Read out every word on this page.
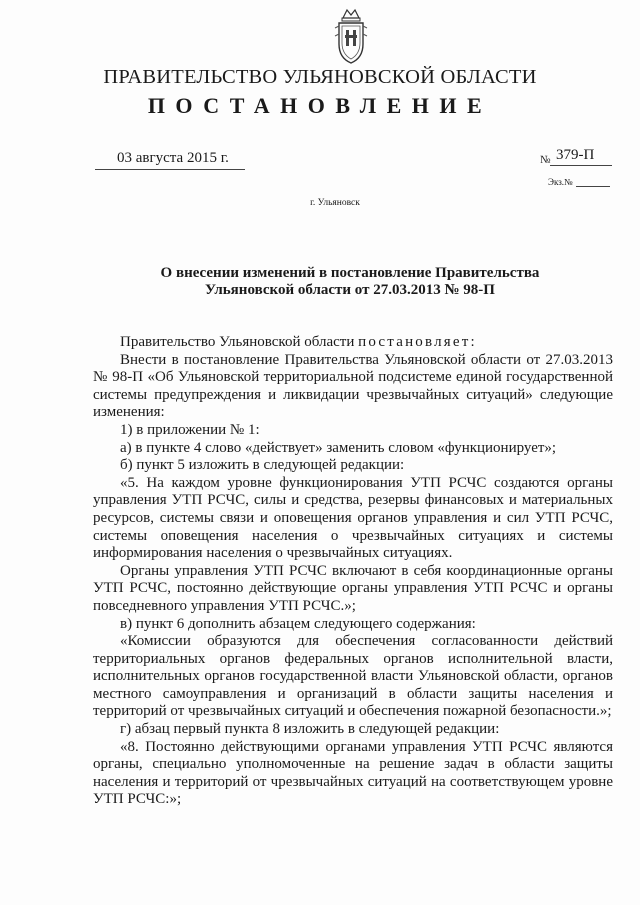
ПРАВИТЕЛЬСТВО УЛЬЯНОВСКОЙ ОБЛАСТИ
ПОСТАНОВЛЕНИЕ
03 августа 2015 г.	№ 379-П
Экз.№
г. Ульяновск
О внесении изменений в постановление Правительства
Ульяновской области от 27.03.2013 № 98-П

Правительство Ульяновской области постановляет:

Внести в постановление Правительства Ульяновской области от 27.03.2013 № 98-П «Об Ульяновской территориальной подсистеме единой государственной системы предупреждения и ликвидации чрезвычайных ситуаций» следующие изменения:

1) в приложении № 1:

а) в пункте 4 слово «действует» заменить словом «функционирует»;

б) пункт 5 изложить в следующей редакции:

«5. На каждом уровне функционирования УТП РСЧС создаются органы управления УТП РСЧС, силы и средства, резервы финансовых и материальных ресурсов, системы связи и оповещения органов управления и сил УТП РСЧС, системы оповещения населения о чрезвычайных ситуациях и системы информирования населения о чрезвычайных ситуациях.

Органы управления УТП РСЧС включают в себя координационные органы УТП РСЧС, постоянно действующие органы управления УТП РСЧС и органы повседневного управления УТП РСЧС.»;

в) пункт 6 дополнить абзацем следующего содержания:

«Комиссии образуются для обеспечения согласованности действий территориальных органов федеральных органов исполнительной власти, исполнительных органов государственной власти Ульяновской области, органов местного самоуправления и организаций в области защиты населения и территорий от чрезвычайных ситуаций и обеспечения пожарной безопасности.»;

г) абзац первый пункта 8 изложить в следующей редакции:

«8. Постоянно действующими органами управления УТП РСЧС являются органы, специально уполномоченные на решение задач в области защиты населения и территорий от чрезвычайных ситуаций на соответствующем уровне УТП РСЧС:»;
